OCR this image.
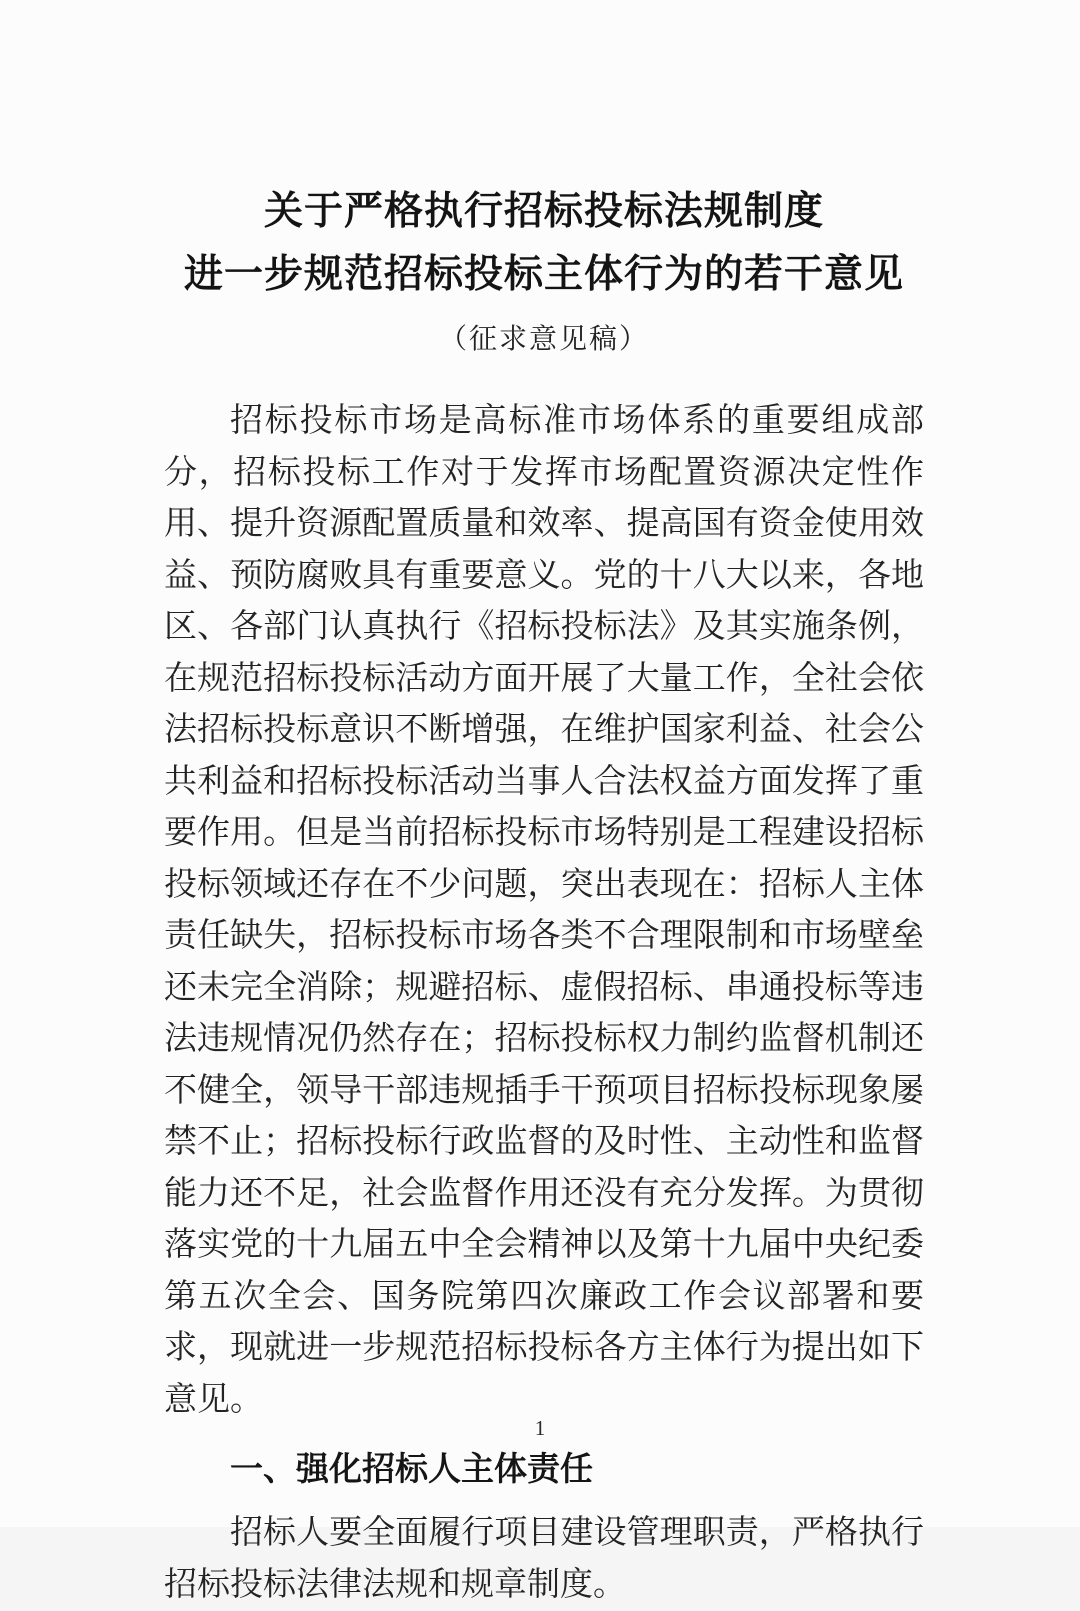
关于严格执行招标投标法规制度
进一步规范招标投标主体行为的若干意见
（征求意见稿）

招标投标市场是高标准市场体系的重要组成部分，招标投标工作对于发挥市场配置资源决定性作用、提升资源配置质量和效率、提高国有资金使用效益、预防腐败具有重要意义。党的十八大以来，各地区、各部门认真执行《招标投标法》及其实施条例，在规范招标投标活动方面开展了大量工作，全社会依法招标投标意识不断增强，在维护国家利益、社会公共利益和招标投标活动当事人合法权益方面发挥了重要作用。但是当前招标投标市场特别是工程建设招标投标领域还存在不少问题，突出表现在：招标人主体责任缺失，招标投标市场各类不合理限制和市场壁垒还未完全消除；规避招标、虚假招标、串通投标等违法违规情况仍然存在；招标投标权力制约监督机制还不健全，领导干部违规插手干预项目招标投标现象屡禁不止；招标投标行政监督的及时性、主动性和监督能力还不足，社会监督作用还没有充分发挥。为贯彻落实党的十九届五中全会精神以及第十九届中央纪委第五次全会、国务院第四次廉政工作会议部署和要求，现就进一步规范招标投标各方主体行为提出如下意见。

一、强化招标人主体责任

招标人要全面履行项目建设管理职责，严格执行招标投标法律法规和规章制度。

1
